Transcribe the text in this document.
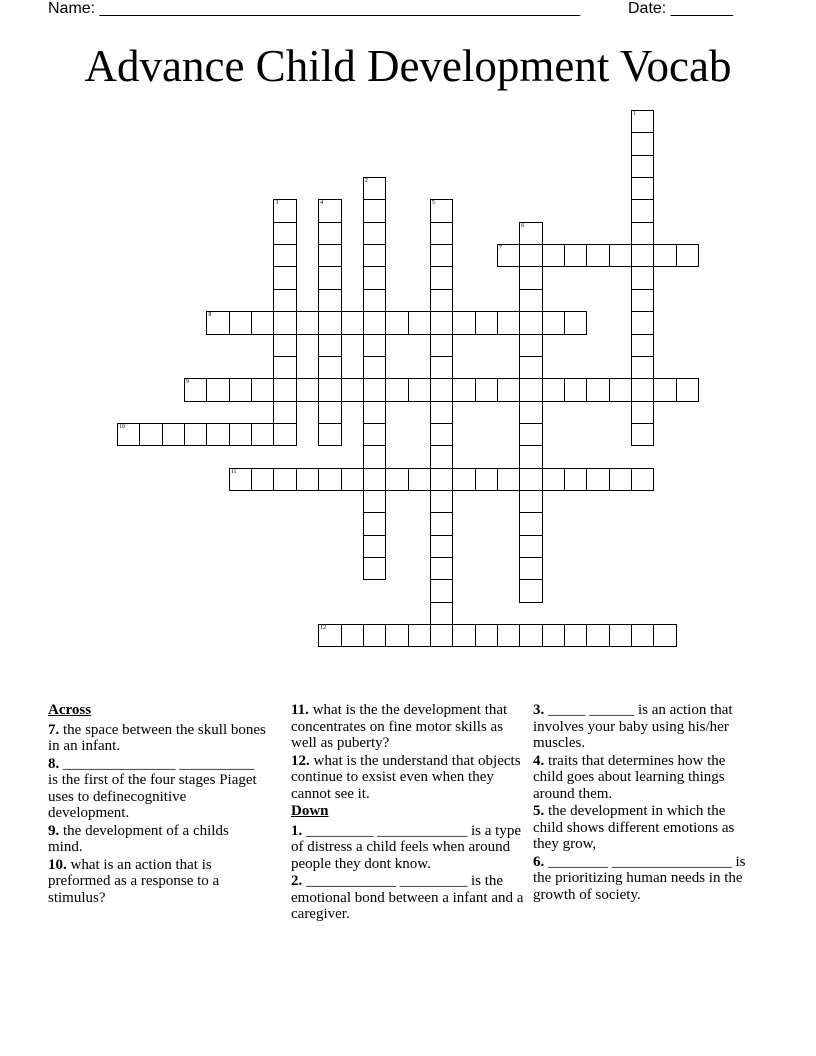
Name: ______________________________________________________	Date: _______
Advance Child Development Vocab
1
2
3	4	5
6
7
8
9
10
11
12
Across
7. the space between the skull bones in an infant.
8. _______________ __________ is the first of the four stages Piaget uses to definecognitive development.
9. the development of a childs mind.
10. what is an action that is preformed as a response to a stimulus?
11. what is the the development that concentrates on fine motor skills as well as puberty?
12. what is the understand that objects continue to exsist even when they cannot see it.
Down
1. _________ ____________ is a type of distress a child feels when around people they dont know.
2. ____________ _________ is the emotional bond between a infant and a caregiver.
3. _____ ______ is an action that involves your baby using his/her muscles.
4. traits that determines how the child goes about learning things around them.
5. the development in which the child shows different emotions as they grow,
6. ________ ________________ is the prioritizing human needs in the growth of society.
